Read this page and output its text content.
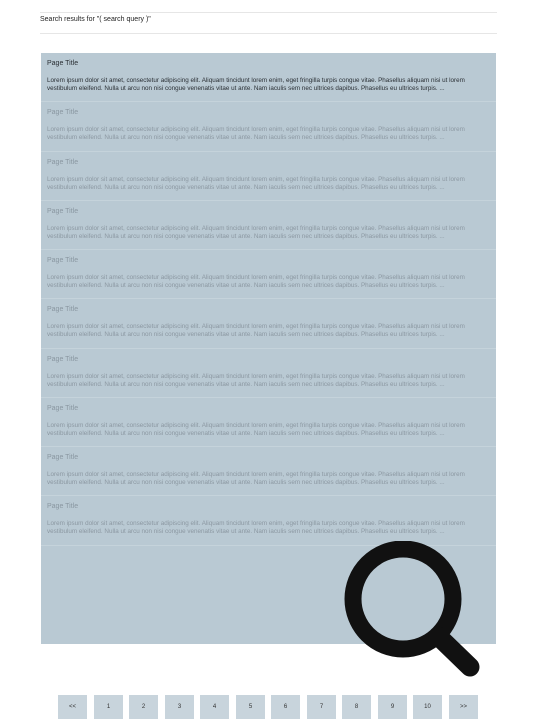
Search results for "( search query )"
Page Title
Lorem ipsum dolor sit amet, consectetur adipiscing elit. Aliquam tincidunt lorem enim, eget fringilla turpis congue vitae. Phasellus aliquam nisi ut lorem vestibulum eleifend. Nulla ut arcu non nisi congue venenatis vitae ut ante. Nam iaculis sem nec ultrices dapibus. Phasellus eu ultrices turpis. ...
Page Title
Lorem ipsum dolor sit amet, consectetur adipiscing elit. Aliquam tincidunt lorem enim, eget fringilla turpis congue vitae. Phasellus aliquam nisi ut lorem vestibulum eleifend. Nulla ut arcu non nisi congue venenatis vitae ut ante. Nam iaculis sem nec ultrices dapibus. Phasellus eu ultrices turpis. ...
Page Title
Lorem ipsum dolor sit amet, consectetur adipiscing elit. Aliquam tincidunt lorem enim, eget fringilla turpis congue vitae. Phasellus aliquam nisi ut lorem vestibulum eleifend. Nulla ut arcu non nisi congue venenatis vitae ut ante. Nam iaculis sem nec ultrices dapibus. Phasellus eu ultrices turpis. ...
Page Title
Lorem ipsum dolor sit amet, consectetur adipiscing elit. Aliquam tincidunt lorem enim, eget fringilla turpis congue vitae. Phasellus aliquam nisi ut lorem vestibulum eleifend. Nulla ut arcu non nisi congue venenatis vitae ut ante. Nam iaculis sem nec ultrices dapibus. Phasellus eu ultrices turpis. ...
Page Title
Lorem ipsum dolor sit amet, consectetur adipiscing elit. Aliquam tincidunt lorem enim, eget fringilla turpis congue vitae. Phasellus aliquam nisi ut lorem vestibulum eleifend. Nulla ut arcu non nisi congue venenatis vitae ut ante. Nam iaculis sem nec ultrices dapibus. Phasellus eu ultrices turpis. ...
Page Title
Lorem ipsum dolor sit amet, consectetur adipiscing elit. Aliquam tincidunt lorem enim, eget fringilla turpis congue vitae. Phasellus aliquam nisi ut lorem vestibulum eleifend. Nulla ut arcu non nisi congue venenatis vitae ut ante. Nam iaculis sem nec ultrices dapibus. Phasellus eu ultrices turpis. ...
Page Title
Lorem ipsum dolor sit amet, consectetur adipiscing elit. Aliquam tincidunt lorem enim, eget fringilla turpis congue vitae. Phasellus aliquam nisi ut lorem vestibulum eleifend. Nulla ut arcu non nisi congue venenatis vitae ut ante. Nam iaculis sem nec ultrices dapibus. Phasellus eu ultrices turpis. ...
Page Title
Lorem ipsum dolor sit amet, consectetur adipiscing elit. Aliquam tincidunt lorem enim, eget fringilla turpis congue vitae. Phasellus aliquam nisi ut lorem vestibulum eleifend. Nulla ut arcu non nisi congue venenatis vitae ut ante. Nam iaculis sem nec ultrices dapibus. Phasellus eu ultrices turpis. ...
Page Title
Lorem ipsum dolor sit amet, consectetur adipiscing elit. Aliquam tincidunt lorem enim, eget fringilla turpis congue vitae. Phasellus aliquam nisi ut lorem vestibulum eleifend. Nulla ut arcu non nisi congue venenatis vitae ut ante. Nam iaculis sem nec ultrices dapibus. Phasellus eu ultrices turpis. ...
Page Title
Lorem ipsum dolor sit amet, consectetur adipiscing elit. Aliquam tincidunt lorem enim, eget fringilla turpis congue vitae. Phasellus aliquam nisi ut lorem vestibulum eleifend. Nulla ut arcu non nisi congue venenatis vitae ut ante. Nam iaculis sem nec ultrices dapibus. Phasellus eu ultrices turpis. ...
<<	1	2	3	4	5	6	7	8	9	10	>>
